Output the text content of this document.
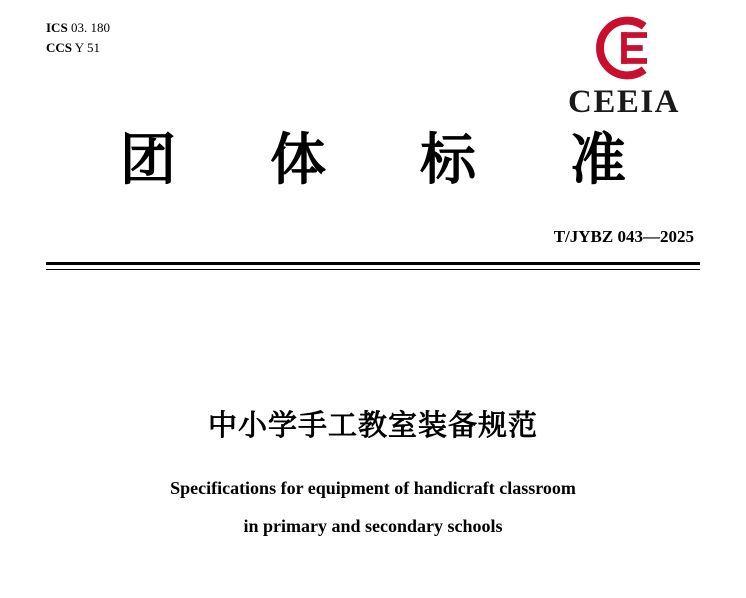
ICS 03. 180
CCS Y 51
CEEIA
团 体 标 准
T/JYBZ 043—2025
中小学手工教室装备规范
Specifications for equipment of handicraft classroom
in primary and secondary schools
